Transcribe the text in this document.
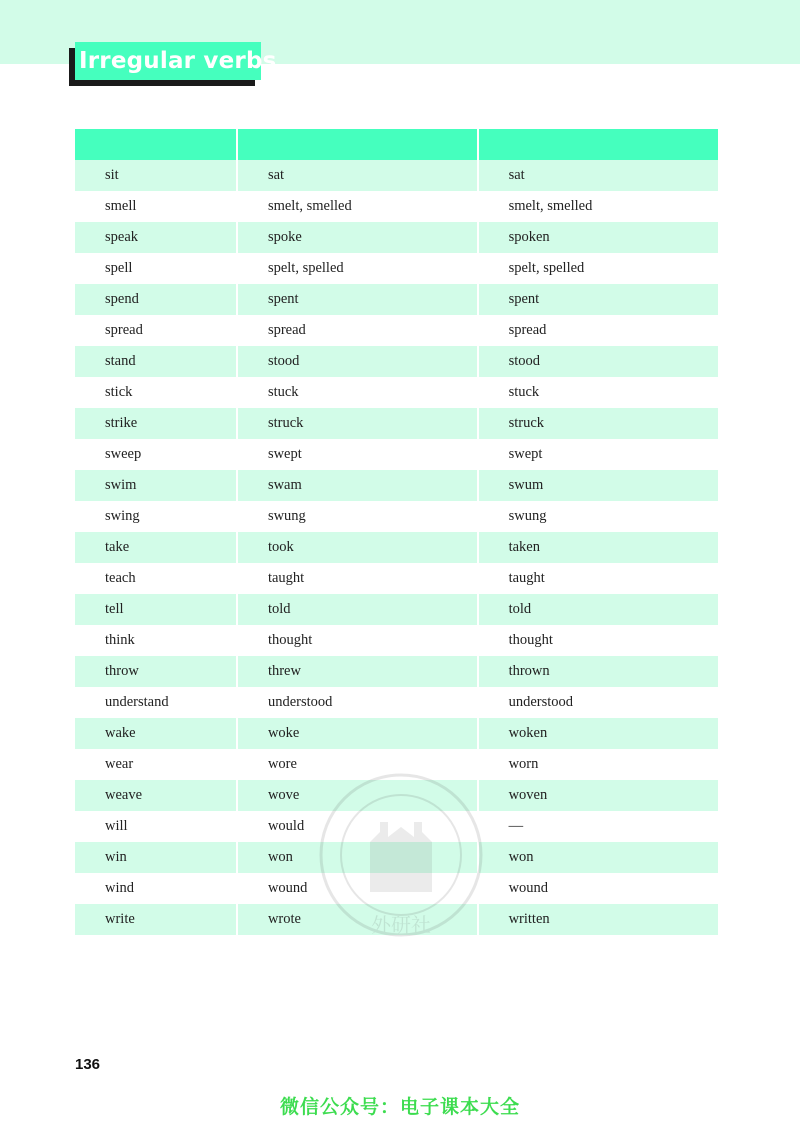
Irregular verbs

sit	sat	sat
smell	smelt, smelled	smelt, smelled
speak	spoke	spoken
spell	spelt, spelled	spelt, spelled
spend	spent	spent
spread	spread	spread
stand	stood	stood
stick	stuck	stuck
strike	struck	struck
sweep	swept	swept
swim	swam	swum
swing	swung	swung
take	took	taken
teach	taught	taught
tell	told	told
think	thought	thought
throw	threw	thrown
understand	understood	understood
wake	woke	woken
wear	wore	worn
weave	wove	woven
will	would	—
win	won	won
wind	wound	wound
write	wrote	written
136
微信公众号：电子课本大全
